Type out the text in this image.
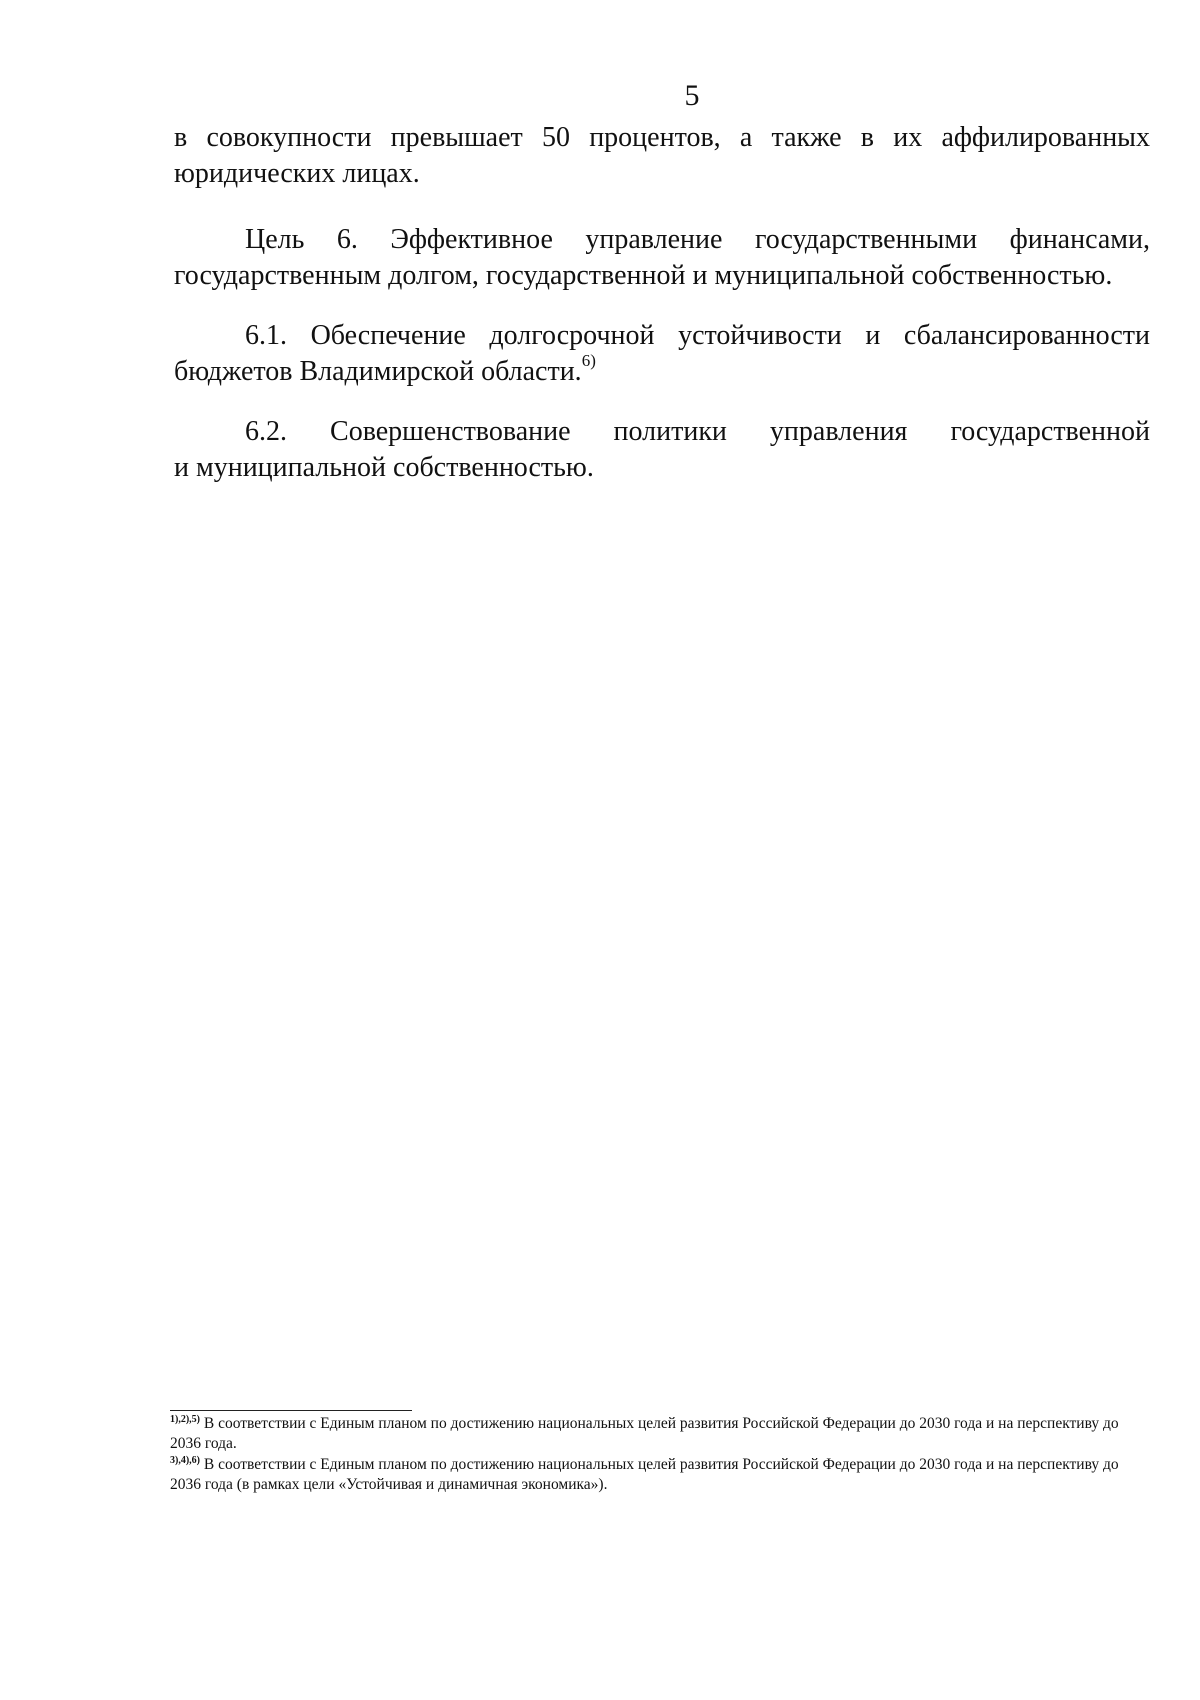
5

в совокупности превышает 50 процентов, а также в их аффилированных
юридических лицах.

Цель 6. Эффективное управление государственными финансами,
государственным долгом, государственной и муниципальной собственностью.

6.1. Обеспечение долгосрочной устойчивости и сбалансированности
бюджетов Владимирской области.$^{6)}$

6.2. Совершенствование политики управления государственной
и муниципальной собственностью.

$^{1),2),5)}$ В соответствии с Единым планом по достижению национальных целей развития Российской Федерации до 2030 года и на перспективу до 2036 года.

$^{3),4),6)}$ В соответствии с Единым планом по достижению национальных целей развития Российской Федерации до 2030 года и на перспективу до 2036 года (в рамках цели «Устойчивая и динамичная экономика»).
